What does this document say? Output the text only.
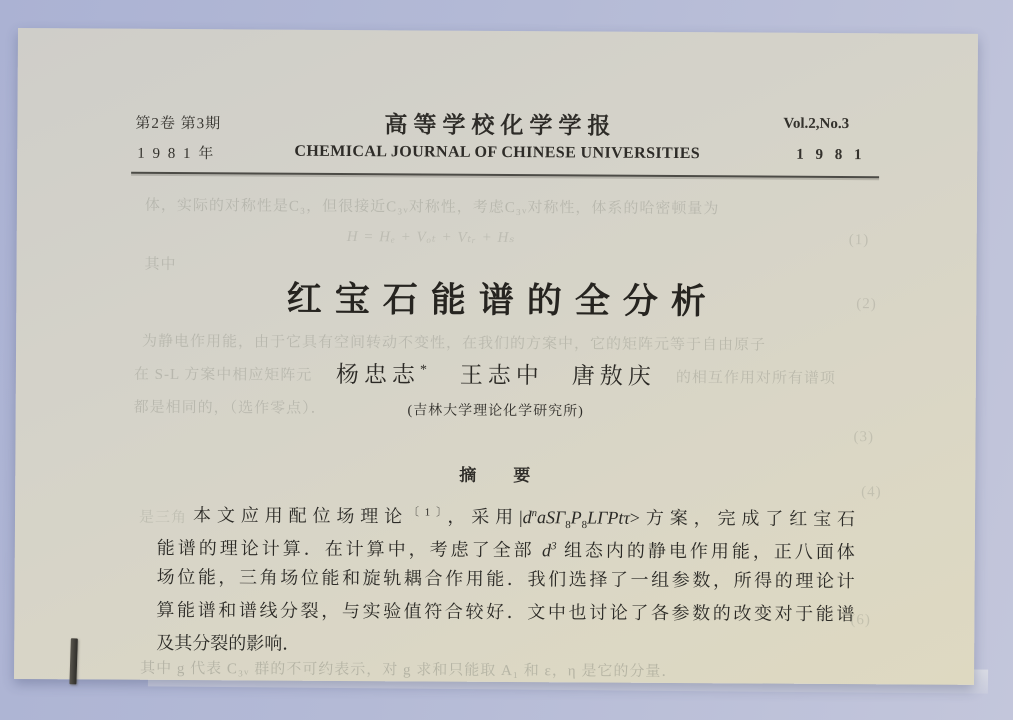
体，实际的对称性是C₃，但很接近C₃ᵥ对称性，考虑C₃ᵥ对称性，体系的哈密顿量为
H = Hₑ + Vₒₜ + Vₜᵣ + Hₛ	(1)
其中
(2)
为静电作用能，由于它具有空间转动不变性，在我们的方案中，它的矩阵元等于自由原子
在 S-L 方案中相应矩阵元	的相互作用对所有谱项
都是相同的，（选作零点）．
(3)
(4)
是三角
(6)
其中 g 代表 C₃ᵥ 群的不可约表示，对 g 求和只能取 A₁ 和 ε，η 是它的分量．
第2卷 第3期
1 9 8 1 年
高等学校化学学报
CHEMICAL JOURNAL OF CHINESE UNIVERSITIES
Vol.2,No.3
1 9 8 1
红宝石能谱的全分析
杨忠志*　 王志中　 唐敖庆
(吉林大学理论化学研究所)
摘　　要
本文应用配位场理论$^{〔1〕}$，采用$|d^naS\Gamma_8P_8L\Gamma Pt\tau>$方案，完成了红宝石
能谱的理论计算．在计算中，考虑了全部 $d^3$ 组态内的静电作用能，正八面体
场位能，三角场位能和旋轨耦合作用能．我们选择了一组参数，所得的理论计
算能谱和谱线分裂，与实验值符合较好．文中也讨论了各参数的改变对于能谱
及其分裂的影响．
